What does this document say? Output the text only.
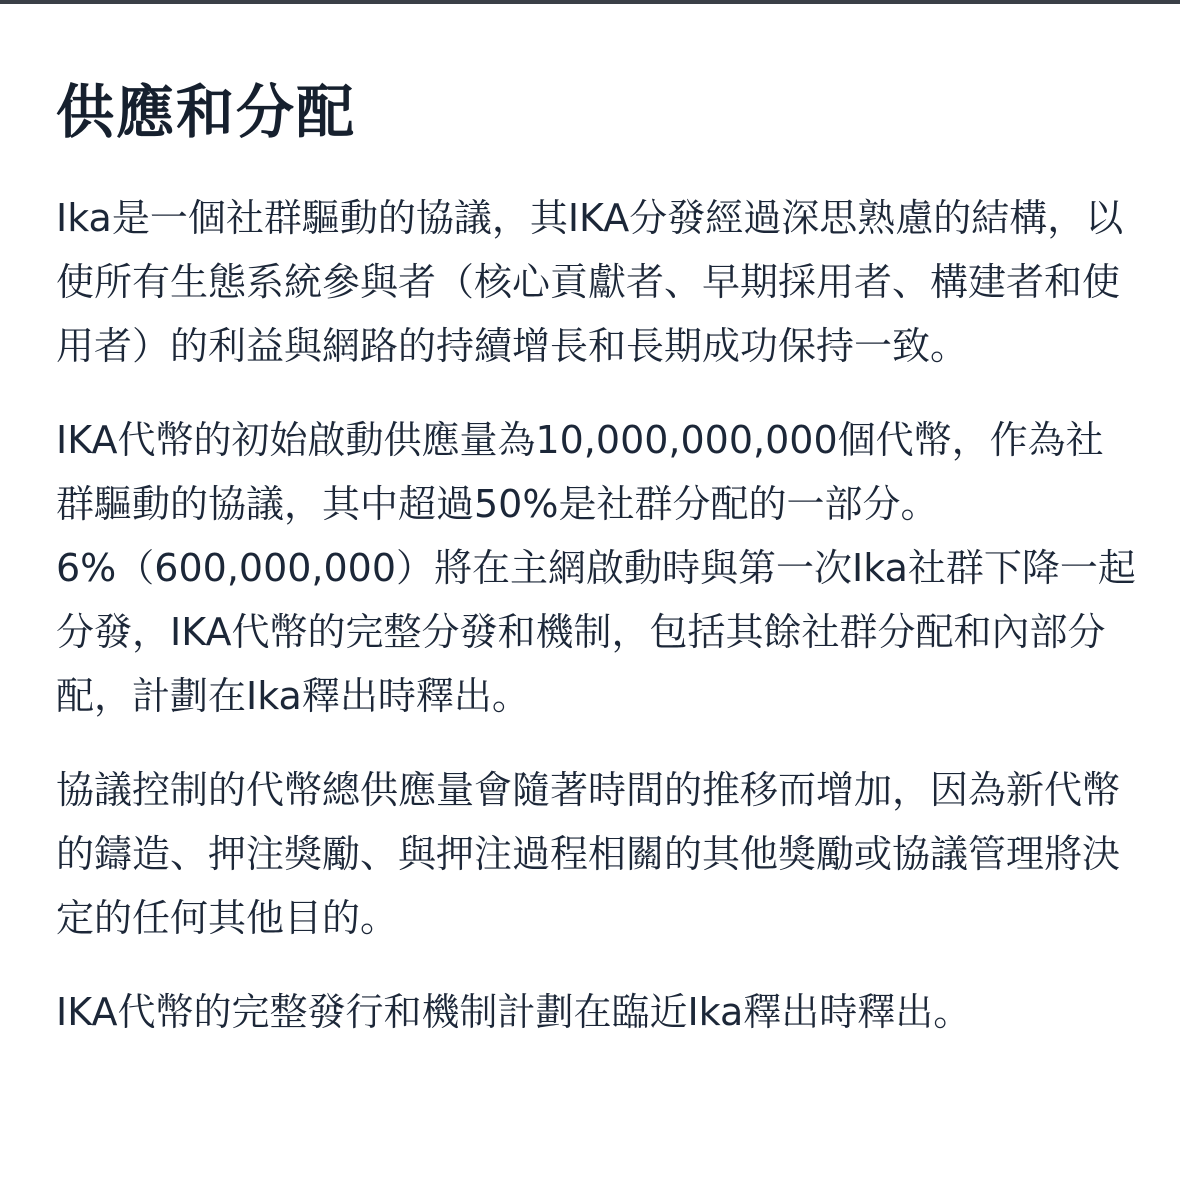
供應和分配

Ika是一個社群驅動的協議，其IKA分發經過深思熟慮的結構，以使所有生態系統參與者（核心貢獻者、早期採用者、構建者和使用者）的利益與網路的持續增長和長期成功保持一致。

IKA代幣的初始啟動供應量為10,000,000,000個代幣，作為社群驅動的協議，其中超過50%是社群分配的一部分。6%（600,000,000）將在主網啟動時與第一次Ika社群下降一起分發，IKA代幣的完整分發和機制，包括其餘社群分配和內部分配，計劃在Ika釋出時釋出。

協議控制的代幣總供應量會隨著時間的推移而增加，因為新代幣的鑄造、押注獎勵、與押注過程相關的其他獎勵或協議管理將決定的任何其他目的。

IKA代幣的完整發行和機制計劃在臨近Ika釋出時釋出。
